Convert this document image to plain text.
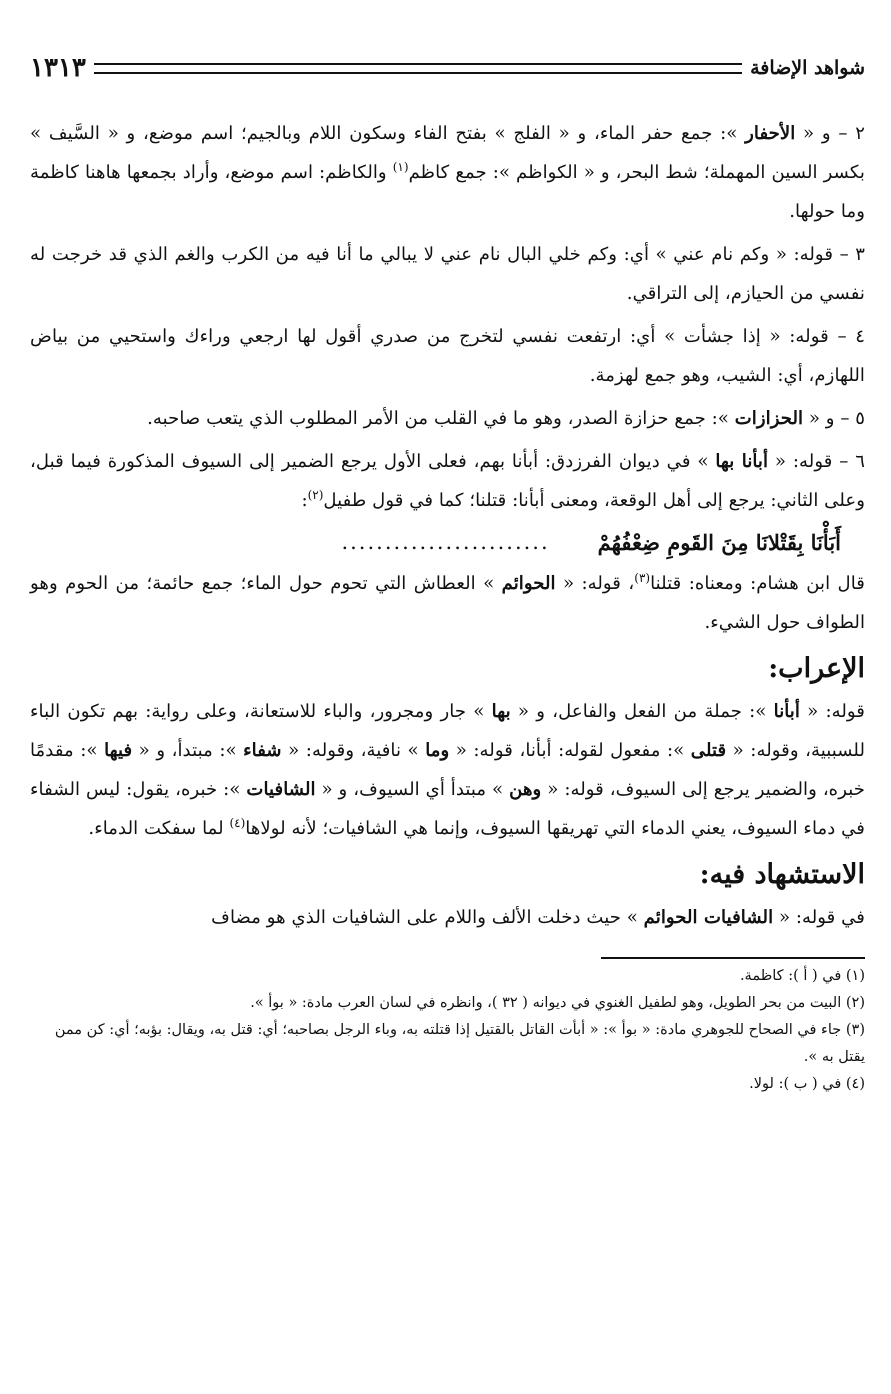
شواهد الإضافة
١٣١٣

٢ – و « الأحفار »: جمع حفر الماء، و « الفلج » بفتح الفاء وسكون اللام وبالجيم؛ اسم موضع، و « السَّيف » بكسر السين المهملة؛ شط البحر، و « الكواظم »: جمع كاظم$^{(١)}$ والكاظم: اسم موضع، وأراد بجمعها هاهنا كاظمة وما حولها.

٣ – قوله: « وكم نام عني » أي: وكم خلي البال نام عني لا يبالي ما أنا فيه من الكرب والغم الذي قد خرجت له نفسي من الحيازم، إلى التراقي.

٤ – قوله: « إذا جشأت » أي: ارتفعت نفسي لتخرج من صدري أقول لها ارجعي وراءك واستحيي من بياض اللهازم، أي: الشيب، وهو جمع لهزمة.

٥ – و « الحزازات »: جمع حزازة الصدر، وهو ما في القلب من الأمر المطلوب الذي يتعب صاحبه.

٦ – قوله: « أبأنا بها » في ديوان الفرزدق: أبأنا بهم، فعلى الأول يرجع الضمير إلى السيوف المذكورة فيما قبل، وعلى الثاني: يرجع إلى أهل الوقعة، ومعنى أبأنا: قتلنا؛ كما في قول طفيل$^{(٢)}$:

أَبَأْنَا بِقَتْلانَا مِنَ القَومِ ضِعْفُهُمْ
........................

قال ابن هشام: ومعناه: قتلنا$^{(٣)}$، قوله: « الحوائم » العطاش التي تحوم حول الماء؛ جمع حائمة؛ من الحوم وهو الطواف حول الشيء.

الإعراب:

قوله: « أبأنا »: جملة من الفعل والفاعل، و « بها » جار ومجرور، والباء للاستعانة، وعلى رواية: بهم تكون الباء للسببية، وقوله: « قتلى »: مفعول لقوله: أبأنا، قوله: « وما » نافية، وقوله: « شفاء »: مبتدأ، و « فيها »: مقدمًا خبره، والضمير يرجع إلى السيوف، قوله: « وهن » مبتدأ أي السيوف، و « الشافيات »: خبره، يقول: ليس الشفاء في دماء السيوف، يعني الدماء التي تهريقها السيوف، وإنما هي الشافيات؛ لأنه لولاها$^{(٤)}$ لما سفكت الدماء.

الاستشهاد فيه:

في قوله: « الشافيات الحوائم » حيث دخلت الألف واللام على الشافيات الذي هو مضاف

(١) في ( أ ): كاظمة.

(٢) البيت من بحر الطويل، وهو لطفيل الغنوي في ديوانه ( ٣٢ )، وانظره في لسان العرب مادة: « بوأ ».

(٣) جاء في الصحاح للجوهري مادة: « بوأ »: « أبأت القاتل بالقتيل إذا قتلته به، وباء الرجل بصاحبه؛ أي: قتل به، ويقال: بؤبه؛ أي: كن ممن يقتل به ».

(٤) في ( ب ): لولا.
